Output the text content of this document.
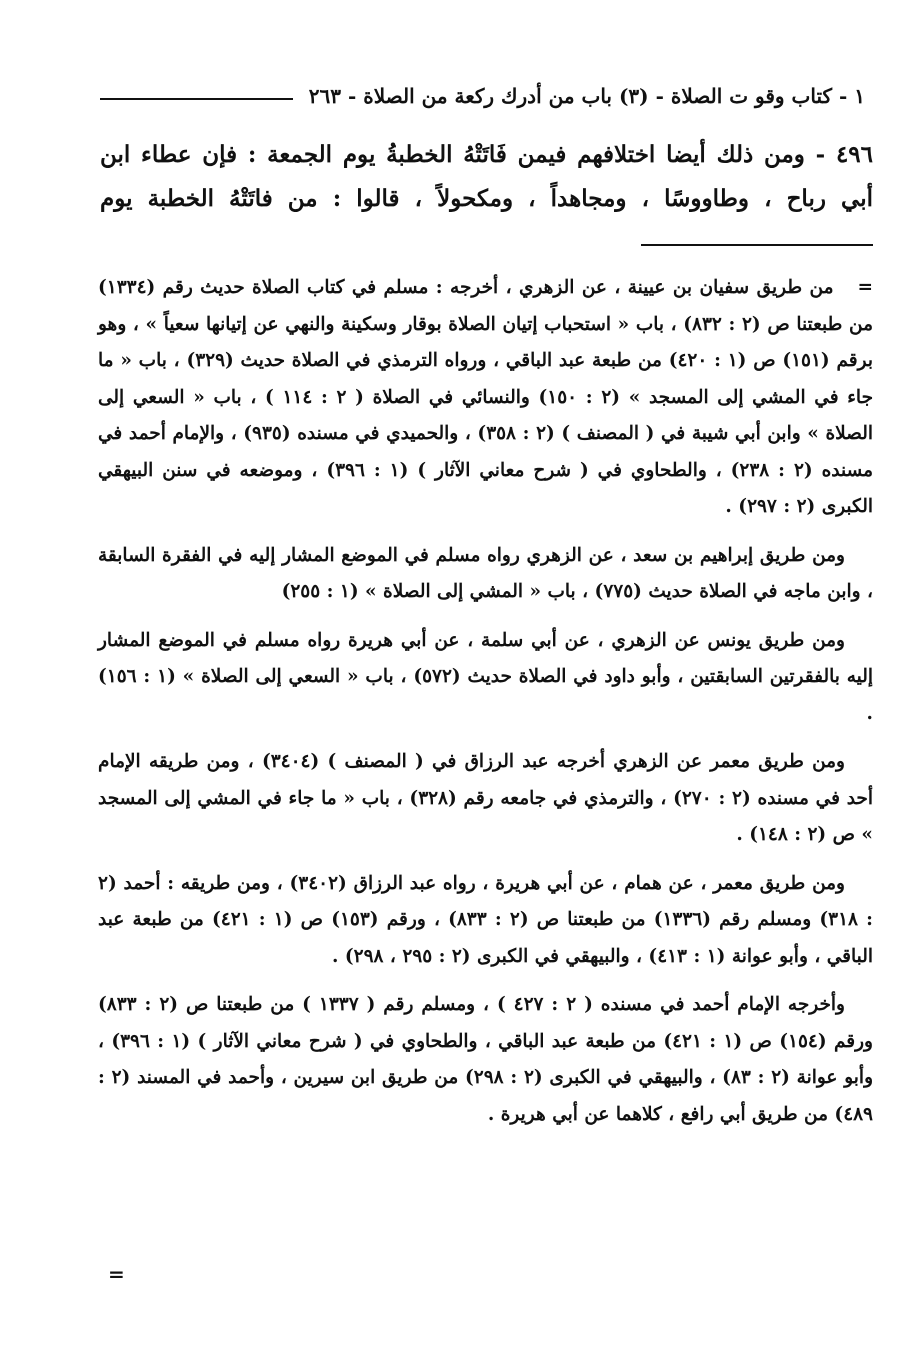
١ - كتاب وقو ت الصلاة - (٣) باب من أدرك ركعة من الصلاة - ٢٦٣
٤٩٦ - ومن ذلك أيضا اختلافهم فيمن فَاتَتْهُ الخطبةُ يوم الجمعة : فإن عطاء ابن أبي رباح ، وطاووسًا ، ومجاهداً ، ومكحولاً ، قالوا : من فاتَتْهُ الخطبة يوم

=من طريق سفيان بن عيينة ، عن الزهري ، أخرجه : مسلم في كتاب الصلاة حديث رقم (١٣٣٤) من طبعتنا ص (٢ : ٨٣٢) ، باب « استحباب إتيان الصلاة بوقار وسكينة والنهي عن إتيانها سعياً » ، وهو برقم (١٥١) ص (١ : ٤٢٠) من طبعة عبد الباقي ، ورواه الترمذي في الصلاة حديث (٣٢٩) ، باب « ما جاء في المشي إلى المسجد » (٢ : ١٥٠) والنسائي في الصلاة ( ٢ : ١١٤ ) ، باب « السعي إلى الصلاة » وابن أبي شيبة في ( المصنف ) (٢ : ٣٥٨) ، والحميدي في مسنده (٩٣٥) ، والإمام أحمد في مسنده (٢ : ٢٣٨) ، والطحاوي في ( شرح معاني الآثار ) (١ : ٣٩٦) ، وموضعه في سنن البيهقي الكبرى (٢ : ٢٩٧) .

ومن طريق إبراهيم بن سعد ، عن الزهري رواه مسلم في الموضع المشار إليه في الفقرة السابقة ، وابن ماجه في الصلاة حديث (٧٧٥) ، باب « المشي إلى الصلاة » (١ : ٢٥٥)

ومن طريق يونس عن الزهري ، عن أبي سلمة ، عن أبي هريرة رواه مسلم في الموضع المشار إليه بالفقرتين السابقتين ، وأبو داود في الصلاة حديث (٥٧٢) ، باب « السعي إلى الصلاة » (١ : ١٥٦) .

ومن طريق معمر عن الزهري أخرجه عبد الرزاق في ( المصنف ) (٣٤٠٤) ، ومن طريقه الإمام أحد في مسنده (٢ : ٢٧٠) ، والترمذي في جامعه رقم (٣٢٨) ، باب « ما جاء في المشي إلى المسجد » ص (٢ : ١٤٨) .

ومن طريق معمر ، عن همام ، عن أبي هريرة ، رواه عبد الرزاق (٣٤٠٢) ، ومن طريقه : أحمد (٢ : ٣١٨) ومسلم رقم (١٣٣٦) من طبعتنا ص (٢ : ٨٣٣) ، ورقم (١٥٣) ص (١ : ٤٢١) من طبعة عبد الباقي ، وأبو عوانة (١ : ٤١٣) ، والبيهقي في الكبرى (٢ : ٢٩٥ ، ٢٩٨) .

وأخرجه الإمام أحمد في مسنده ( ٢ : ٤٢٧ ) ، ومسلم رقم ( ١٣٣٧ ) من طبعتنا ص (٢ : ٨٣٣) ورقم (١٥٤) ص (١ : ٤٢١) من طبعة عبد الباقي ، والطحاوي في ( شرح معاني الآثار ) (١ : ٣٩٦) ، وأبو عوانة (٢ : ٨٣) ، والبيهقي في الكبرى (٢ : ٢٩٨) من طريق ابن سيرين ، وأحمد في المسند (٢ : ٤٨٩) من طريق أبي رافع ، كلاهما عن أبي هريرة .

=
